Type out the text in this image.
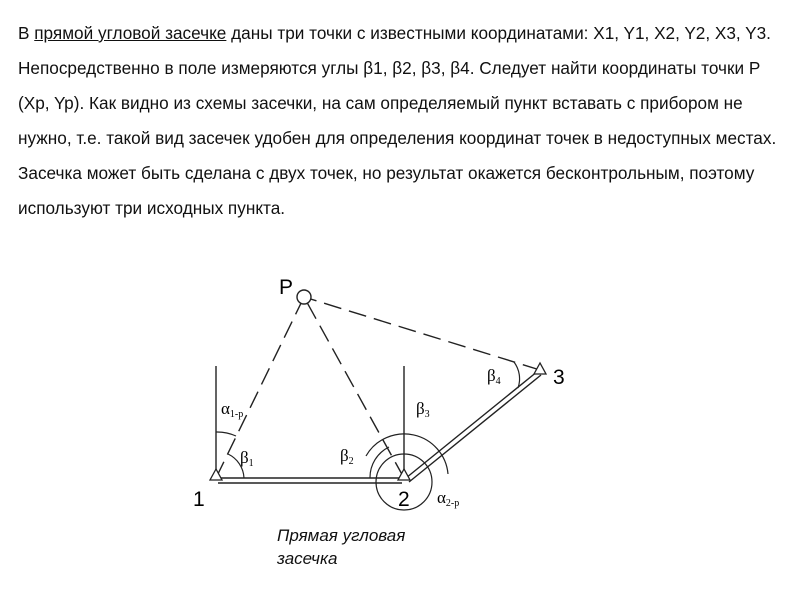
В прямой угловой засечке даны три точки с известными координатами: X1, Y1, X2, Y2, X3, Y3. Непосредственно в поле измеряются углы β1, β2, β3, β4. Следует найти координаты точки P (Xp, Yp). Как видно из схемы засечки, на сам определяемый пункт вставать с прибором не нужно, т.е. такой вид засечек удобен для определения координат точек в недоступных местах. Засечка может быть сделана с двух точек, но результат окажется бесконтрольным, поэтому используют три исходных пункта.
P
1	2
3
α1-p
β1	β2
β3
β4
α2-p
Прямая угловая
засечка
